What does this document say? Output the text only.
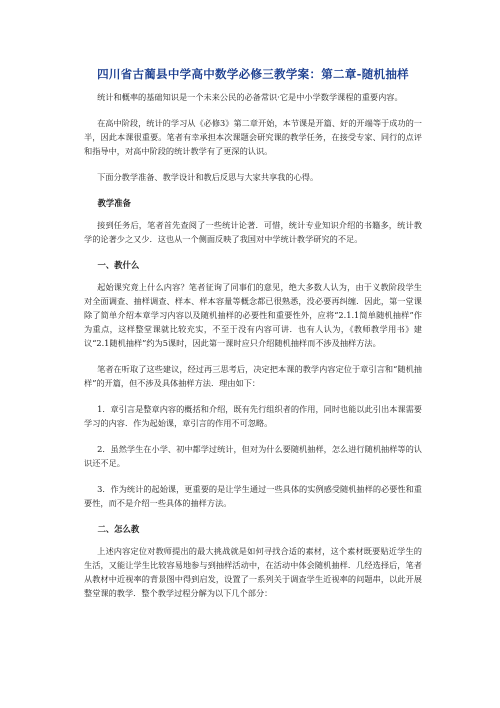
四川省古蔺县中学高中数学必修三教学案：第二章-随机抽样

统计和概率的基础知识是一个未来公民的必备常识·它是中小学数学课程的重要内容。

在高中阶段，统计的学习从《必修3》第二章开始，本节课是开篇、好的开端等于成功的一半，因此本课很重要。笔者有幸承担本次课题会研究课的教学任务，在接受专家、同行的点评和指导中，对高中阶段的统计教学有了更深的认识。

下面分教学准备、教学设计和教后反思与大家共享我的心得。

教学准备

接到任务后，笔者首先查阅了一些统计论著．可惜，统计专业知识介绍的书籍多，统计教学的论著少之又少．这也从一个侧面反映了我国对中学统计教学研究的不足。

一、教什么

起始课究竟上什么内容？笔者征询了同事们的意见，绝大多数人认为，由于义教阶段学生对全面调查、抽样调查、样本、样本容量等概念都已很熟悉，没必要再纠缠．因此，第一堂课除了简单介绍本章学习内容以及随机抽样的必要性和重要性外，应将“2.1.1简单随机抽样”作为重点，这样整堂课就比较充实，不至于没有内容可讲．也有人认为，《教师教学用书》建议“2.1随机抽样”约为5课时，因此第一课时应只介绍随机抽样而不涉及抽样方法。

笔者在听取了这些建议，经过再三思考后，决定把本课的教学内容定位于章引言和“随机抽样”的开篇，但不涉及具体抽样方法．理由如下：

1．章引言是整章内容的概括和介绍，既有先行组织者的作用，同时也能以此引出本课需要学习的内容．作为起始课，章引言的作用不可忽略。

2．虽然学生在小学、初中都学过统计，但对为什么要随机抽样，怎么进行随机抽样等的认识还不足。

3．作为统计的起始课，更重要的是让学生通过一些具体的实例感受随机抽样的必要性和重要性，而不是介绍一些具体的抽样方法。

二、怎么教

上述内容定位对教师提出的最大挑战就是如何寻找合适的素材，这个素材既要贴近学生的生活，又能让学生比较容易地参与到抽样活动中，在活动中体会随机抽样．几经选择后，笔者从教材中近视率的背景图中得到启发，设置了一系列关于调查学生近视率的问题串，以此开展整堂课的教学．整个教学过程分解为以下几个部分：
